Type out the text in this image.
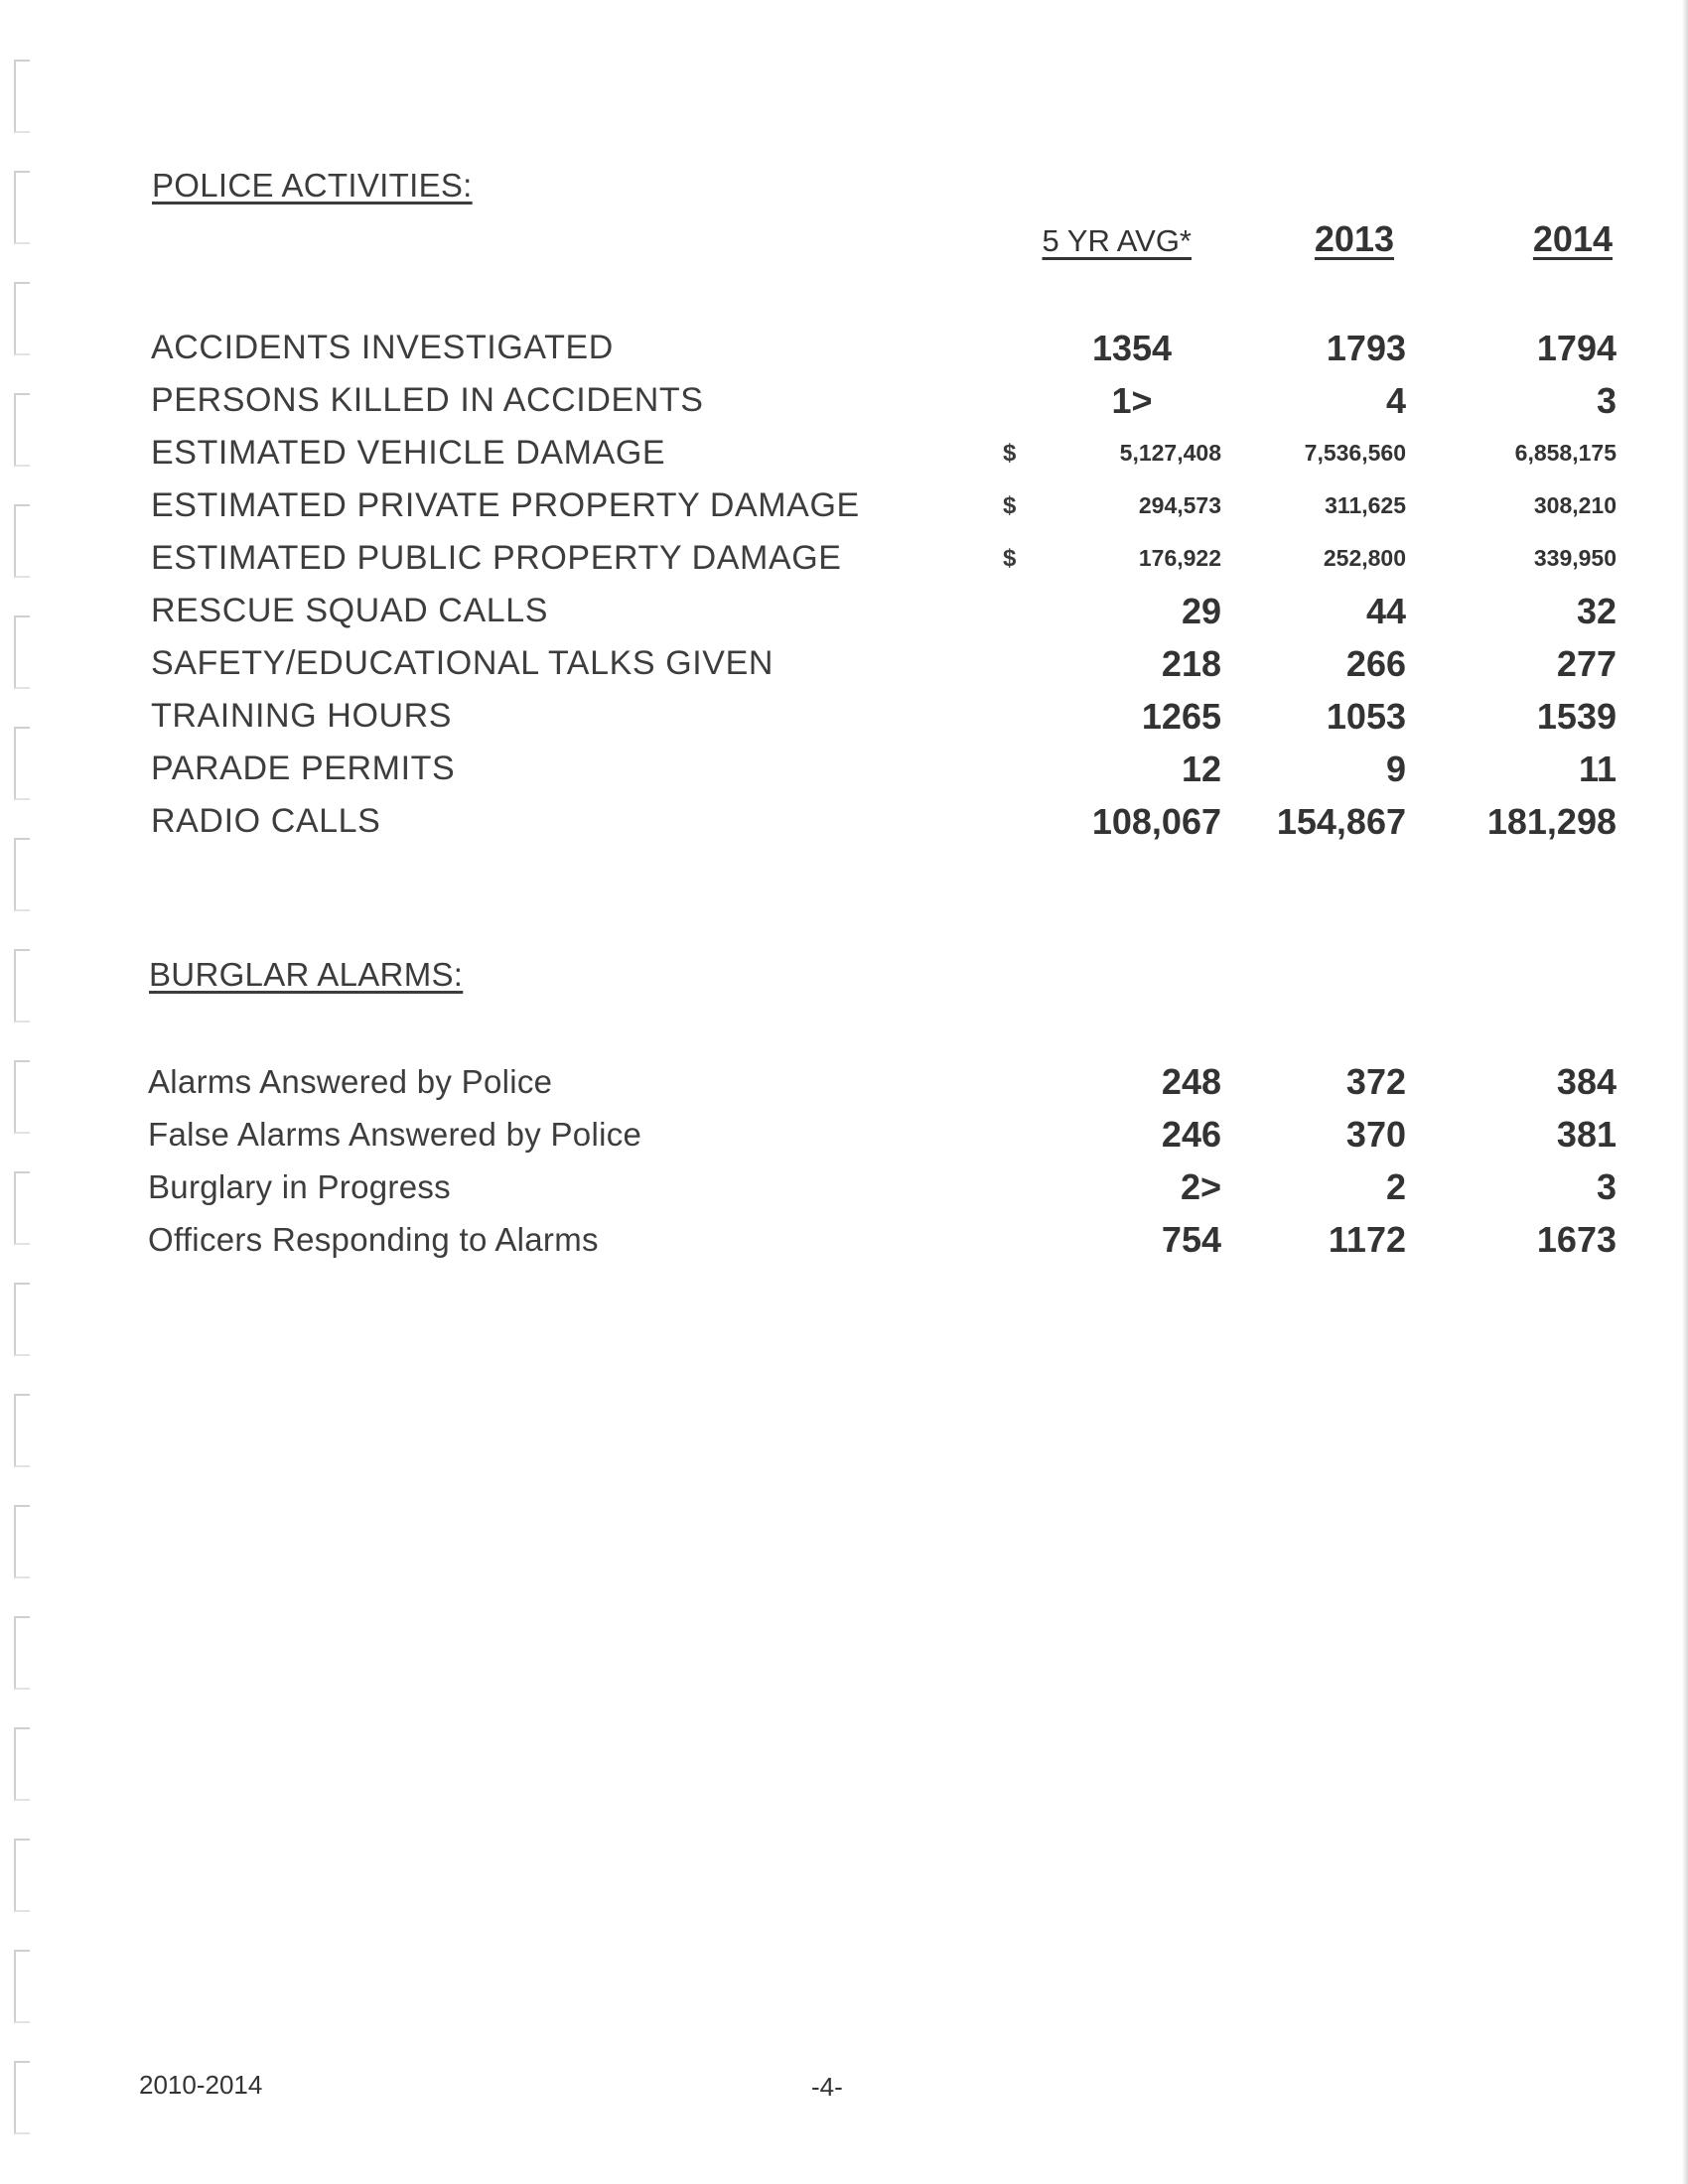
POLICE ACTIVITIES:
5 YR AVG*	2013	2014
ACCIDENTS INVESTIGATED		1354	1793	1794
PERSONS KILLED IN ACCIDENTS		1>	4	3
ESTIMATED VEHICLE DAMAGE	$	5,127,408	7,536,560	6,858,175
ESTIMATED PRIVATE PROPERTY DAMAGE	$	294,573	311,625	308,210
ESTIMATED PUBLIC PROPERTY DAMAGE	$	176,922	252,800	339,950
RESCUE SQUAD CALLS		29	44	32
SAFETY/EDUCATIONAL TALKS GIVEN		218	266	277
TRAINING HOURS		1265	1053	1539
PARADE PERMITS		12	9	11
RADIO CALLS		108,067	154,867	181,298
BURGLAR ALARMS:
Alarms Answered by Police		248	372	384
False Alarms Answered by Police		246	370	381
Burglary in Progress		2>	2	3
Officers Responding to Alarms		754	1172	1673
2010-2014	-4-
